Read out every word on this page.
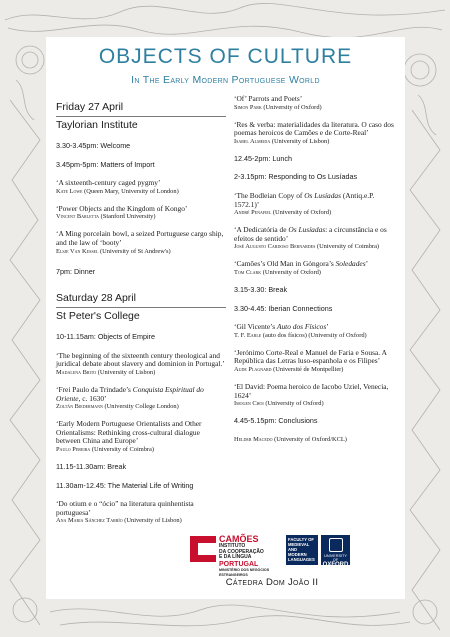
OBJECTS OF CULTURE
In The Early Modern Portuguese World

Friday 27 April

Taylorian Institute

3.30-3.45pm: Welcome

3.45pm-5pm: Matters of Import

‘A sixteenth-century caged pygmy’
Kate Lowe (Queen Mary, University of London)
‘Power Objects and the Kingdom of Kongo’
Vincent Barletta (Stanford University)
‘A Ming porcelain bowl, a seized Portuguese cargo ship, and the law of ‘booty’
Elsje Van Kessel (University of St Andrew's)

7pm: Dinner

Saturday 28 April

St Peter's College

10-11.15am: Objects of Empire

‘The beginning of the sixteenth century theological and juridical debate about slavery and dominion in Portugal.’
Madalena Brito (University of Lisbon)
‘Frei Paulo da Trindade’s Conquista Espiritual do Oriente, c. 1630’
Zoltán Biedermann (University College London)
‘Early Modern Portuguese Orientalists and Other Orientalisms: Rethinking cross-cultural dialogue between China and Europe’
Paulo Pereira (University of Coimbra)

11.15-11.30am: Break

11.30am-12.45: The Material Life of Writing

‘Do otium e o “ócio” na literatura quinhentista portuguesa’
Ana Maria Sánchez Tarrío (University of Lisbon)
‘Of’ Parrots and Poets’
Simon Park (University of Oxford)
‘Res & verba: materialidades da literatura. O caso dos poemas heroicos de Camões e de Corte-Real’
Isabel Almeida (University of Lisbon)

12.45-2pm: Lunch

2-3.15pm: Responding to Os Lusíadas

‘The Bodleian Copy of Os Lusíadas (Antiq.e.P. 1572.1)’
André Penafiel (University of Oxford)
‘A Dedicatória de Os Lusíadas: a circunstância e os efeitos de sentido’
José Augusto Cardoso Bernardes (University of Coimbra)
‘Camões’s Old Man in Góngora’s Soledades’
Tom Clark (University of Oxford)

3.15-3.30: Break

3.30-4.45: Iberian Connections

‘Gil Vicente’s Auto dos Físicos’
T. F. Earle (auto dos físicos) (University of Oxford)
‘Jerónimo Corte-Real e Manuel de Faria e Sousa. A República das Letras luso-espanhola e os Filipes’
Aude Plagnard (Université de Montpellier)
‘El David: Poema heroico de Iacobo Uziel, Venecia, 1624’
Imogen Choi (University of Oxford)

4.45-5.15pm: Conclusions

Helder Macedo (University of Oxford/KCL)
CAMÕES
INSTITUTO
DA COOPERAÇÃO
E DA LÍNGUA
PORTUGAL
MINISTÉRIO DOS NEGÓCIOS ESTRANGEIROS
FACULTY OF
MEDIEVAL AND MODERN LANGUAGES
UNIVERSITY OF
OXFORD
Cátedra Dom João II
